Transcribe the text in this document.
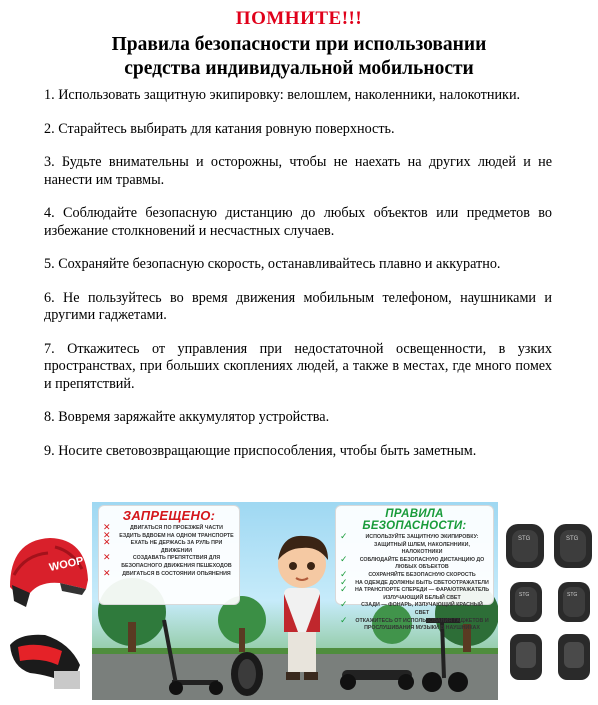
ПОМНИТЕ!!!
Правила безопасности при использовании
средства индивидуальной мобильности
1. Использовать защитную экипировку: велошлем, наколенники, налокотники.
2. Старайтесь выбирать для катания ровную поверхность.
3. Будьте внимательны и осторожны, чтобы не наехать на других людей и не нанести им травмы.
4. Соблюдайте безопасную дистанцию до любых объектов или предметов во избежание столкновений и несчастных случаев.
5. Сохраняйте безопасную скорость, останавливайтесь плавно и аккуратно.
6. Не пользуйтесь во время движения мобильным телефоном, наушниками и другими гаджетами.
7. Откажитесь от управления при недостаточной освещенности, в узких пространствах, при больших скоплениях людей, а также в местах, где много помех и препятствий.
8. Вовремя заряжайте аккумулятор устройства.
9. Носите световозвращающие приспособления, чтобы быть заметным.
WOOP
ЗАПРЕЩЕНО:
✕ ДВИГАТЬСЯ ПО ПРОЕЗЖЕЙ ЧАСТИ
✕ ЕЗДИТЬ ВДВОЕМ НА ОДНОМ ТРАНСПОРТЕ
✕ ЕХАТЬ НЕ ДЕРЖАСЬ ЗА РУЛЬ ПРИ ДВИЖЕНИИ
✕ СОЗДАВАТЬ ПРЕПЯТСТВИЯ ДЛЯ БЕЗОПАСНОГО ДВИЖЕНИЯ ПЕШЕХОДОВ
✕ ДВИГАТЬСЯ В СОСТОЯНИИ ОПЬЯНЕНИЯ
ПРАВИЛА БЕЗОПАСНОСТИ:
✓ ИСПОЛЬЗУЙТЕ ЗАЩИТНУЮ ЭКИПИРОВКУ: ЗАЩИТНЫЙ ШЛЕМ, НАКОЛЕННИКИ, НАЛОКОТНИКИ
✓ СОБЛЮДАЙТЕ БЕЗОПАСНУЮ ДИСТАНЦИЮ ДО ЛЮБЫХ ОБЪЕКТОВ
✓ СОХРАНЯЙТЕ БЕЗОПАСНУЮ СКОРОСТЬ
✓ НА ОДЕЖДЕ ДОЛЖНЫ БЫТЬ СВЕТООТРАЖАТЕЛИ
✓ НА ТРАНСПОРТЕ СПЕРЕДИ — ФАРА/ОТРАЖАТЕЛЬ ИЗЛУЧАЮЩИЙ БЕЛЫЙ СВЕТ
✓ СЗАДИ — ФОНАРЬ, ИЗЛУЧАЮЩИЙ КРАСНЫЙ СВЕТ
✓ ОТКАЖИТЕСЬ ОТ ИСПОЛЬЗОВАНИЯ ГАДЖЕТОВ И ПРОСЛУШИВАНИЯ МУЗЫКИ В НАУШНИКАХ
STG	STG
STG	STG
